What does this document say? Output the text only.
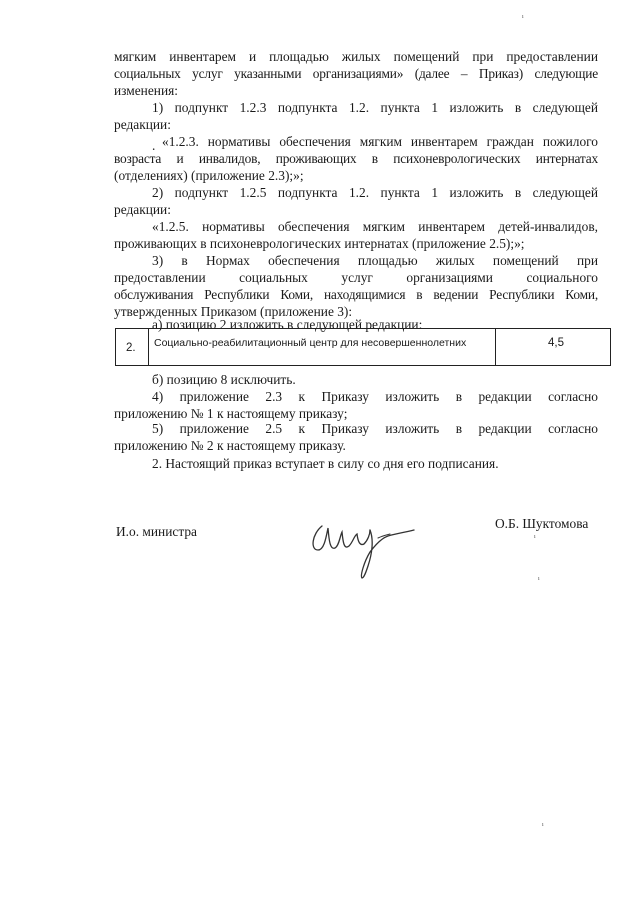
мягким инвентарем и площадью жилых помещений при предоставлении
социальных услуг указанными организациями» (далее – Приказ) следующие
изменения:
1) подпункт 1.2.3 подпункта 1.2. пункта 1 изложить в следующей
редакции:
. «1.2.3. нормативы обеспечения мягким инвентарем граждан пожилого
возраста и инвалидов, проживающих в психоневрологических интернатах
(отделениях) (приложение 2.3);»;
2) подпункт 1.2.5 подпункта 1.2. пункта 1 изложить в следующей
редакции:
«1.2.5. нормативы обеспечения мягким инвентарем детей-инвалидов,
проживающих в психоневрологических интернатах (приложение 2.5);»;
3) в Нормах обеспечения площадью жилых помещений при
предоставлении социальных услуг организациями социального
обслуживания Республики Коми, находящимися в ведении Республики Коми,
утвержденных Приказом (приложение 3):
а) позицию 2 изложить в следующей редакции:
2. Социально-реабилитационный центр для несовершеннолетних	4,5
б) позицию 8 исключить.
4) приложение 2.3 к Приказу изложить в редакции согласно
приложению № 1 к настоящему приказу;
5) приложение 2.5 к Приказу изложить в редакции согласно
приложению № 2 к настоящему приказу.
2. Настоящий приказ вступает в силу со дня его подписания.
И.о. министра
О.Б. Шуктомова
ı
ı
ı
ı
